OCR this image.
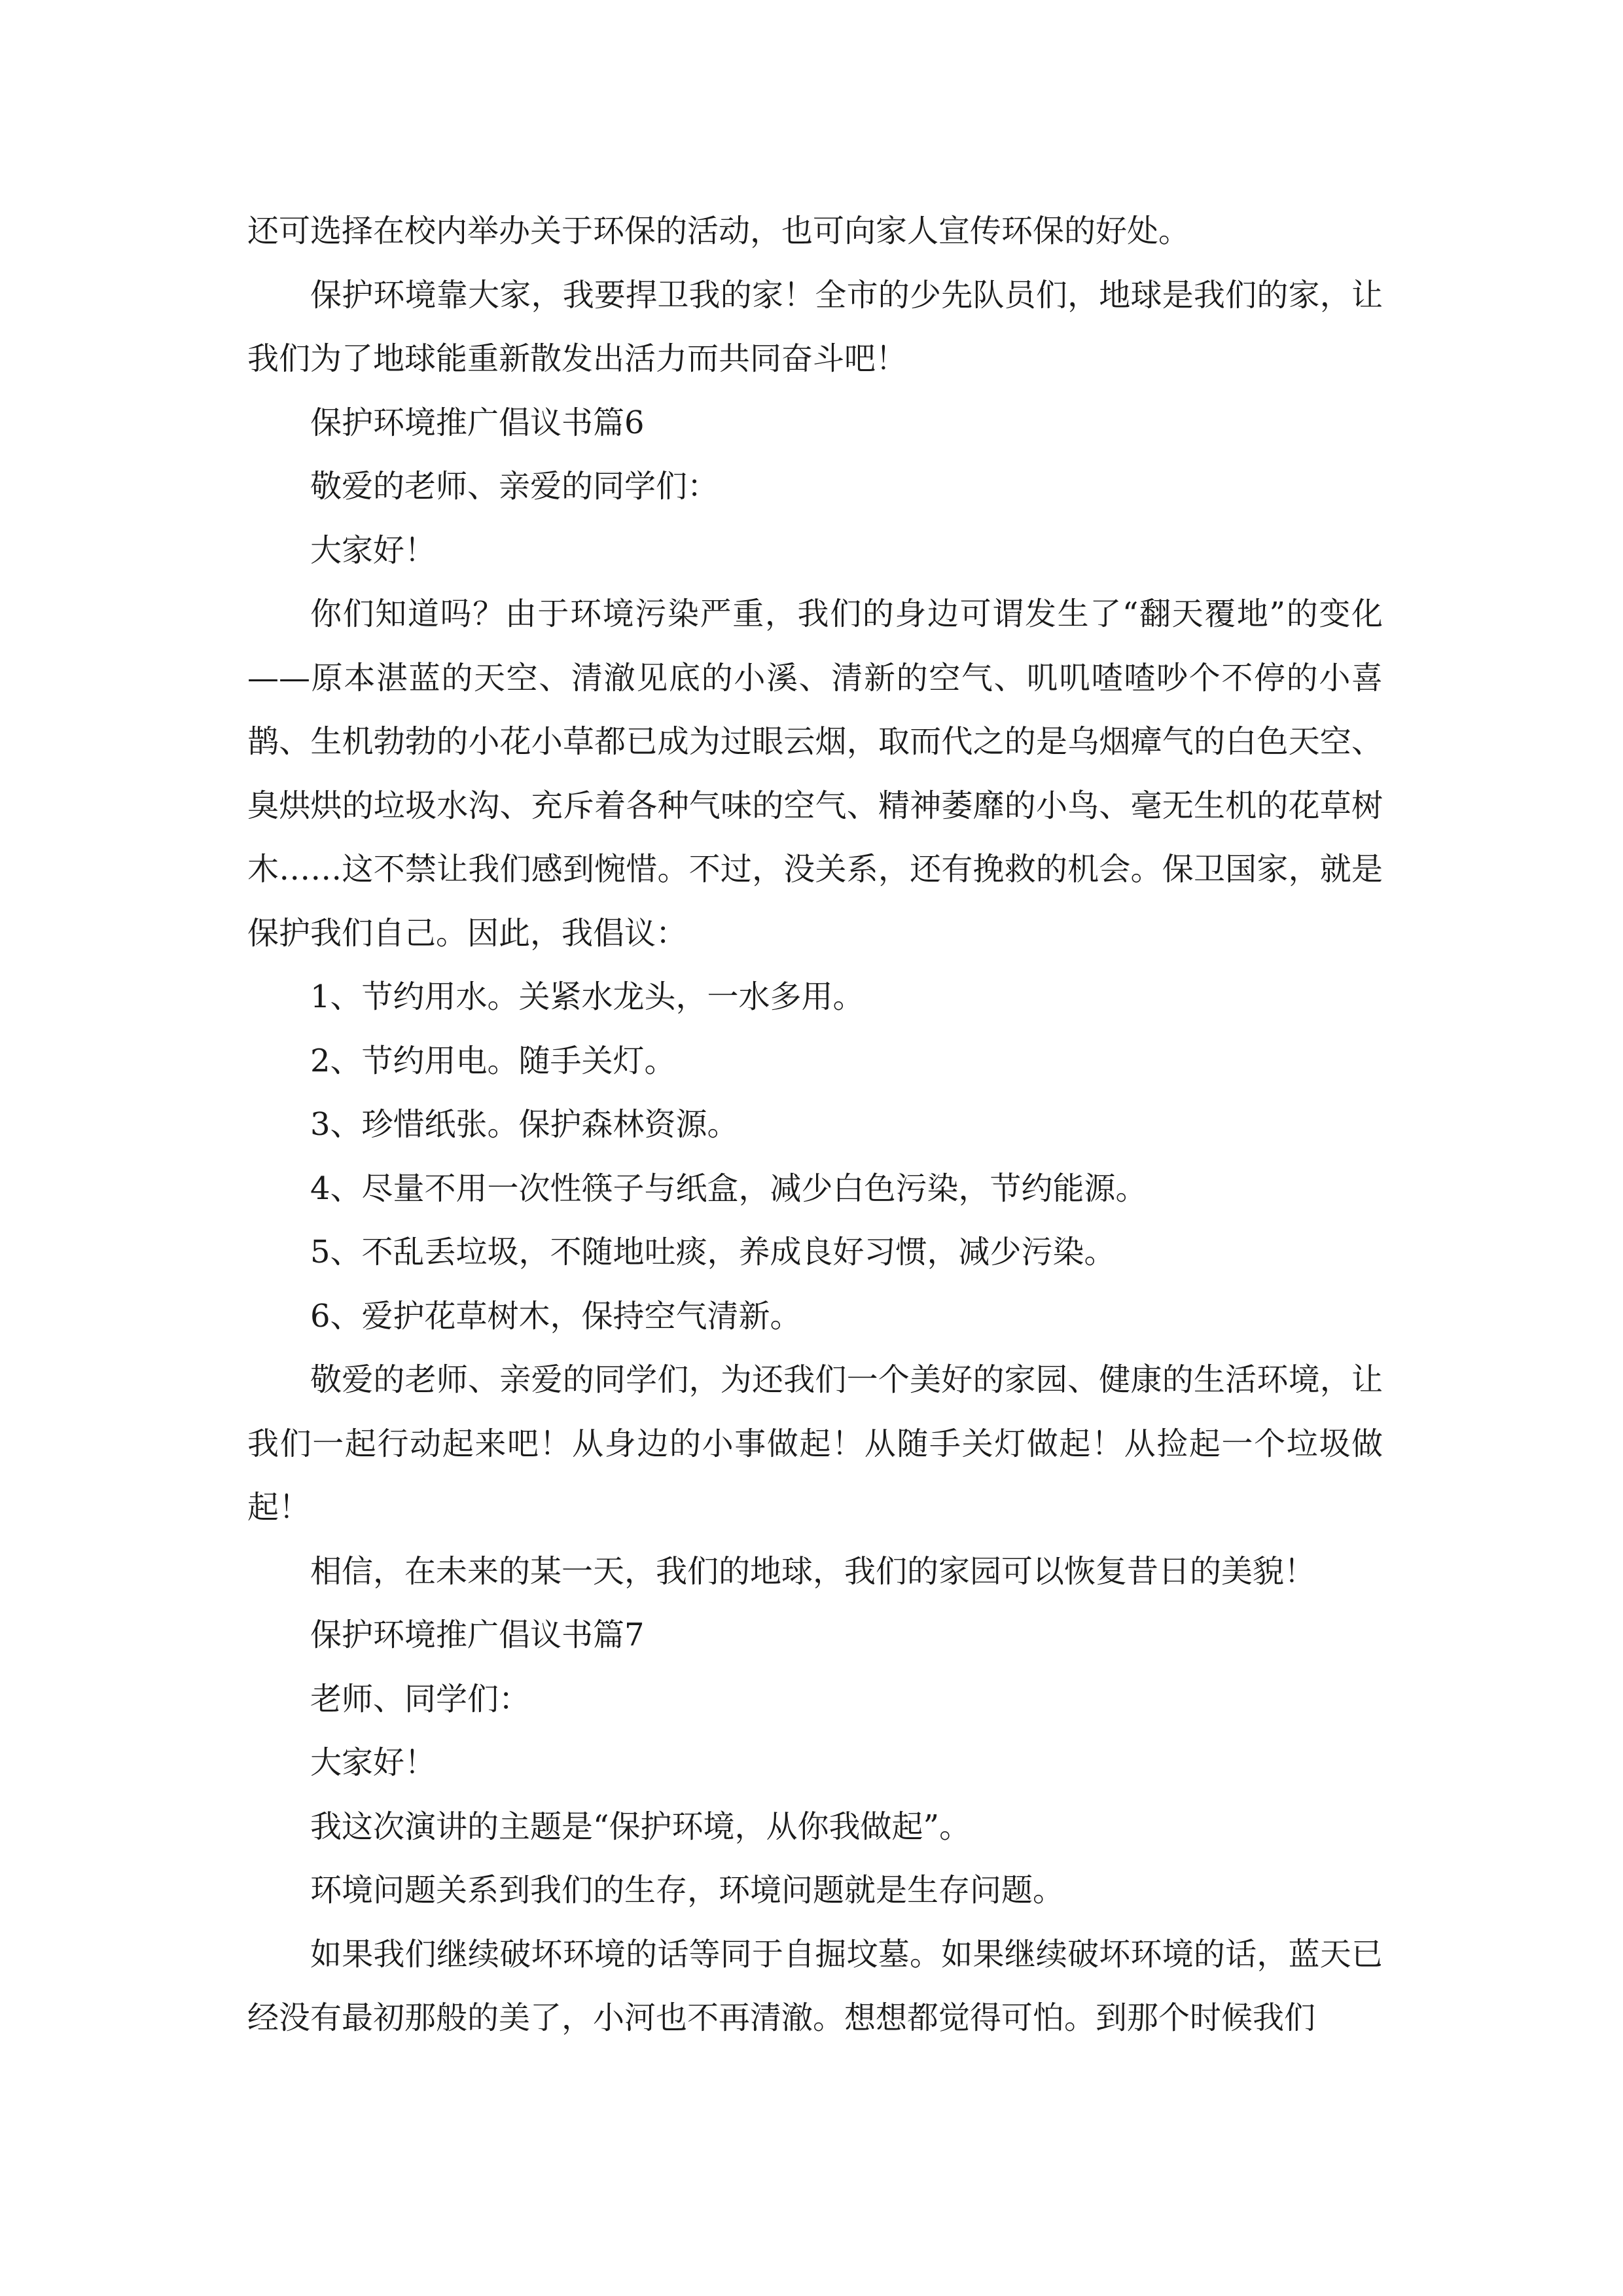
还可选择在校内举办关于环保的活动，也可向家人宣传环保的好处。

保护环境靠大家，我要捍卫我的家！全市的少先队员们，地球是我们的家，让我们为了地球能重新散发出活力而共同奋斗吧！

保护环境推广倡议书篇6

敬爱的老师、亲爱的同学们：

大家好！

你们知道吗？由于环境污染严重，我们的身边可谓发生了“翻天覆地”的变化——原本湛蓝的天空、清澈见底的小溪、清新的空气、叽叽喳喳吵个不停的小喜鹊、生机勃勃的小花小草都已成为过眼云烟，取而代之的是乌烟瘴气的白色天空、臭烘烘的垃圾水沟、充斥着各种气味的空气、精神萎靡的小鸟、毫无生机的花草树木……这不禁让我们感到惋惜。不过，没关系，还有挽救的机会。保卫国家，就是保护我们自己。因此，我倡议：

1、节约用水。关紧水龙头，一水多用。

2、节约用电。随手关灯。

3、珍惜纸张。保护森林资源。

4、尽量不用一次性筷子与纸盒，减少白色污染，节约能源。

5、不乱丢垃圾，不随地吐痰，养成良好习惯，减少污染。

6、爱护花草树木，保持空气清新。

敬爱的老师、亲爱的同学们，为还我们一个美好的家园、健康的生活环境，让我们一起行动起来吧！从身边的小事做起！从随手关灯做起！从捡起一个垃圾做起！

相信，在未来的某一天，我们的地球，我们的家园可以恢复昔日的美貌！

保护环境推广倡议书篇7

老师、同学们：

大家好！

我这次演讲的主题是“保护环境，从你我做起”。

环境问题关系到我们的生存，环境问题就是生存问题。

如果我们继续破坏环境的话等同于自掘坟墓。如果继续破坏环境的话，蓝天已经没有最初那般的美了，小河也不再清澈。想想都觉得可怕。到那个时候我们
